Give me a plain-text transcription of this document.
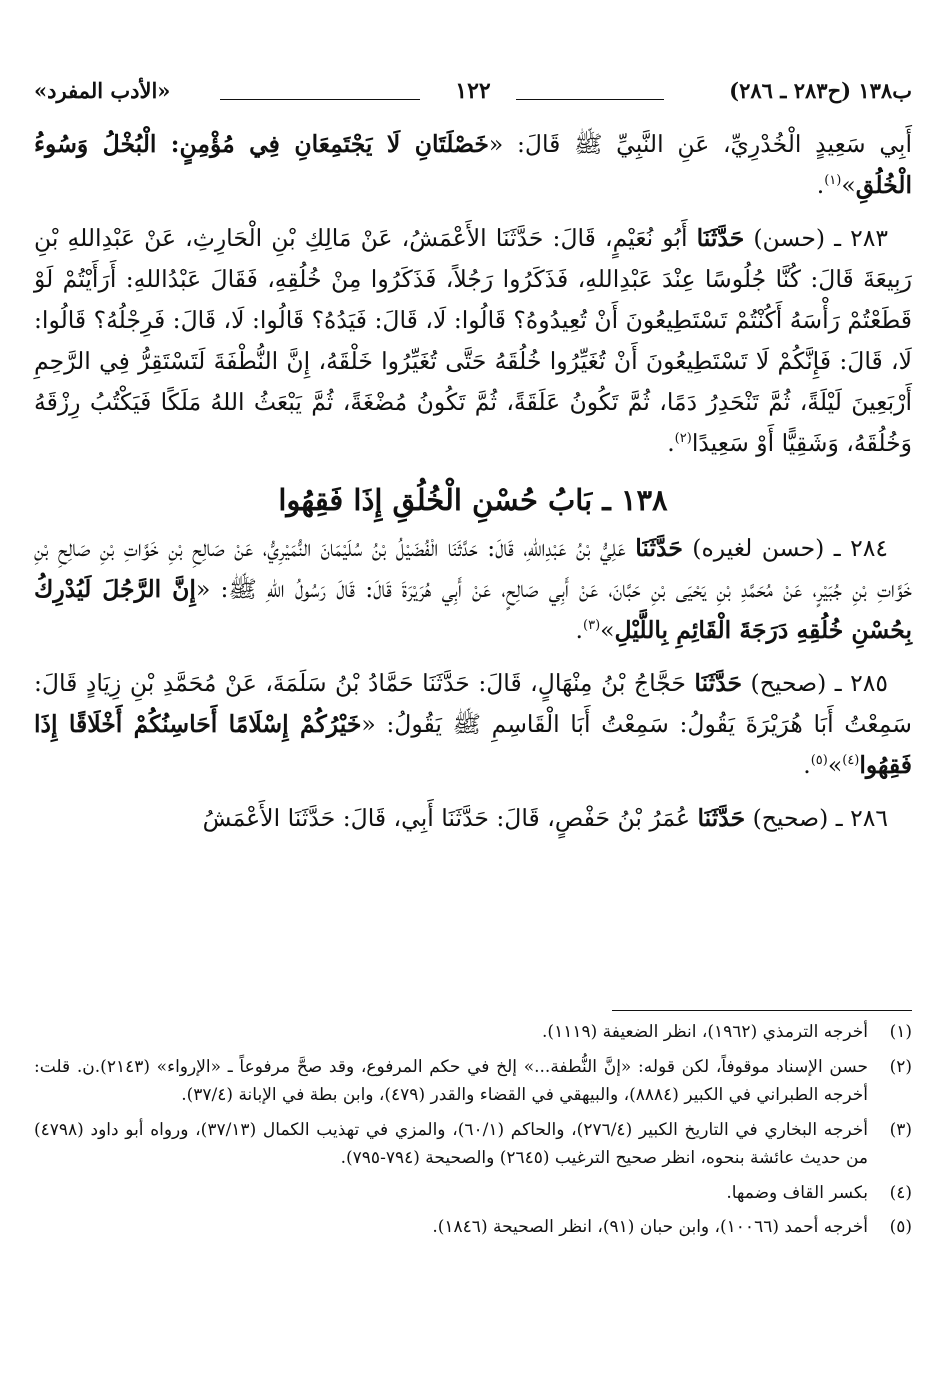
ب١٣٨ (ح٢٨٣ ـ ٢٨٦)
١٢٢
«الأدب المفرد»

أَبِي سَعِيدٍ الْخُدْرِيِّ، عَنِ النَّبِيِّ ﷺ قَالَ: «خَصْلَتَانِ لَا يَجْتَمِعَانِ فِي مُؤْمِنٍ: الْبُخْلُ وَسُوءُ الْخُلُقِ»$^{(١)}$.

٢٨٣ ـ (حسن) حَدَّثَنَا أَبُو نُعَيْمٍ، قَالَ: حَدَّثَنَا الأَعْمَشُ، عَنْ مَالِكِ بْنِ الْحَارِثِ، عَنْ عَبْدِاللهِ بْنِ رَبِيعَةَ قَالَ: كُنَّا جُلُوسًا عِنْدَ عَبْدِاللهِ، فَذَكَرُوا رَجُلاً، فَذَكَرُوا مِنْ خُلُقِهِ، فَقَالَ عَبْدُاللهِ: أَرَأَيْتُمْ لَوْ قَطَعْتُمْ رَأْسَهُ أَكُنْتُمْ تَسْتَطِيعُونَ أَنْ تُعِيدُوهُ؟ قَالُوا: لَا، قَالَ: فَيَدُهُ؟ قَالُوا: لَا، قَالَ: فَرِجْلُهُ؟ قَالُوا: لَا، قَالَ: فَإِنَّكُمْ لَا تَسْتَطِيعُونَ أَنْ تُغَيِّرُوا خُلُقَهُ حَتَّى تُغَيِّرُوا خَلْقَهُ، إِنَّ النُّطْفَةَ لَتَسْتَقِرُّ فِي الرَّحِمِ أَرْبَعِينَ لَيْلَةً، ثُمَّ تَنْحَدِرُ دَمًا، ثُمَّ تَكُونُ عَلَقَةً، ثُمَّ تَكُونُ مُضْغَةً، ثُمَّ يَبْعَثُ اللهُ مَلَكًا فَيَكْتُبُ رِزْقَهُ وَخُلُقَهُ، وَشَقِيًّا أَوْ سَعِيدًا$^{(٢)}$.

١٣٨ ـ بَابُ حُسْنِ الْخُلُقِ إِذَا فَقِهُوا

٢٨٤ ـ (حسن لغيره) حَدَّثَنَا عَلِيُّ بْنُ عَبْدِاللهِ، قَالَ: حَدَّثَنَا الْفُضَيْلُ بْنُ سُلَيْمَانَ النُّمَيْرِيُّ، عَنْ صَالِحِ بْنِ خَوَّاتِ بْنِ صَالِحِ بْنِ خَوَّاتِ بْنِ جُبَيْرٍ، عَنْ مُحَمَّدِ بْنِ يَحْيَى بْنِ حَبَّانَ، عَنْ أَبِي صَالِحٍ، عَنْ أَبِي هُرَيْرَةَ قَالَ: قَالَ رَسُولُ اللهِ ﷺ: «إِنَّ الرَّجُلَ لَيُدْرِكُ بِحُسْنِ خُلُقِهِ دَرَجَةَ الْقَائِمِ بِاللَّيْلِ»$^{(٣)}$.

٢٨٥ ـ (صحيح) حَدَّثَنَا حَجَّاجُ بْنُ مِنْهَالٍ، قَالَ: حَدَّثَنَا حَمَّادُ بْنُ سَلَمَةَ، عَنْ مُحَمَّدِ بْنِ زِيَادٍ قَالَ: سَمِعْتُ أَبَا هُرَيْرَةَ يَقُولُ: سَمِعْتُ أَبَا الْقَاسِمِ ﷺ يَقُولُ: «خَيْرُكُمْ إِسْلَامًا أَحَاسِنُكُمْ أَخْلَاقًا إِذَا فَقِهُوا$^{(٤)}$»$^{(٥)}$.

٢٨٦ ـ (صحيح) حَدَّثَنَا عُمَرُ بْنُ حَفْصٍ، قَالَ: حَدَّثَنَا أَبِي، قَالَ: حَدَّثَنَا الأَعْمَشُ

(١)
أخرجه الترمذي (١٩٦٢)، انظر الضعيفة (١١١٩).
(٢)
حسن الإسناد موقوفاً، لكن قوله: «إنَّ النُّطفة...» إلخ في حكم المرفوع، وقد صحَّ مرفوعاً ـ «الإرواء» (٢١٤٣).ن. قلت: أخرجه الطبراني في الكبير (٨٨٨٤)، والبيهقي في القضاء والقدر (٤٧٩)، وابن بطة في الإبانة (٣٧/٤).
(٣)
أخرجه البخاري في التاريخ الكبير (٢٧٦/٤)، والحاكم (٦٠/١)، والمزي في تهذيب الكمال (٣٧/١٣)، ورواه أبو داود (٤٧٩٨) من حديث عائشة بنحوه، انظر صحيح الترغيب (٢٦٤٥) والصحيحة (٧٩٤-٧٩٥).
(٤)
بكسر القاف وضمها.
(٥)
أخرجه أحمد (١٠٠٦٦)، وابن حبان (٩١)، انظر الصحيحة (١٨٤٦).
